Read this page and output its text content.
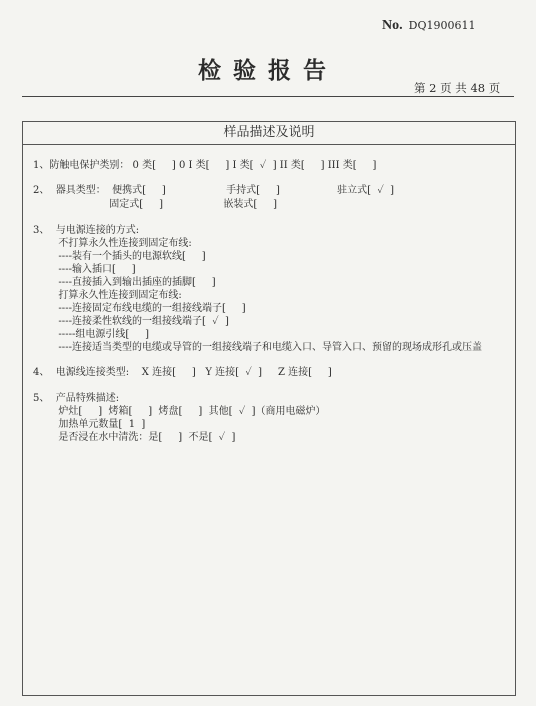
No. DQ1900611
检验报告
第 2 页 共 48 页
样品描述及说明

1、防触电保护类别： 0 类[     ] 0 I 类[     ] I 类[  ✓  ] II 类[     ] III 类[     ]

2、  器具类型：  便携式[     ]                   手持式[     ]                  驻立式[  ✓  ]

固定式[     ]                   嵌装式[     ]

3、  与电源连接的方式:

不打算永久性连接到固定布线:

----装有一个插头的电源软线[     ]

----输入插口[     ]

----直接插入到输出插座的插脚[     ]

打算永久性连接到固定布线:

----连接固定布线电缆的一组接线端子[     ]

----连接柔性软线的一组接线端子[  ✓  ]

-----组电源引线[     ]

----连接适当类型的电缆或导管的一组接线端子和电缆入口、导管入口、预留的现场成形孔或压盖

4、  电源线连接类型:    X 连接[     ]   Y 连接[  ✓  ]     Z 连接[     ]

5、  产品特殊描述:

炉灶[     ]  烤箱[     ]  烤盘[     ]  其他[  ✓  ]（商用电磁炉）

加热单元数量[  1  ]

是否浸在水中清洗：是[     ]  不是[  ✓  ]
